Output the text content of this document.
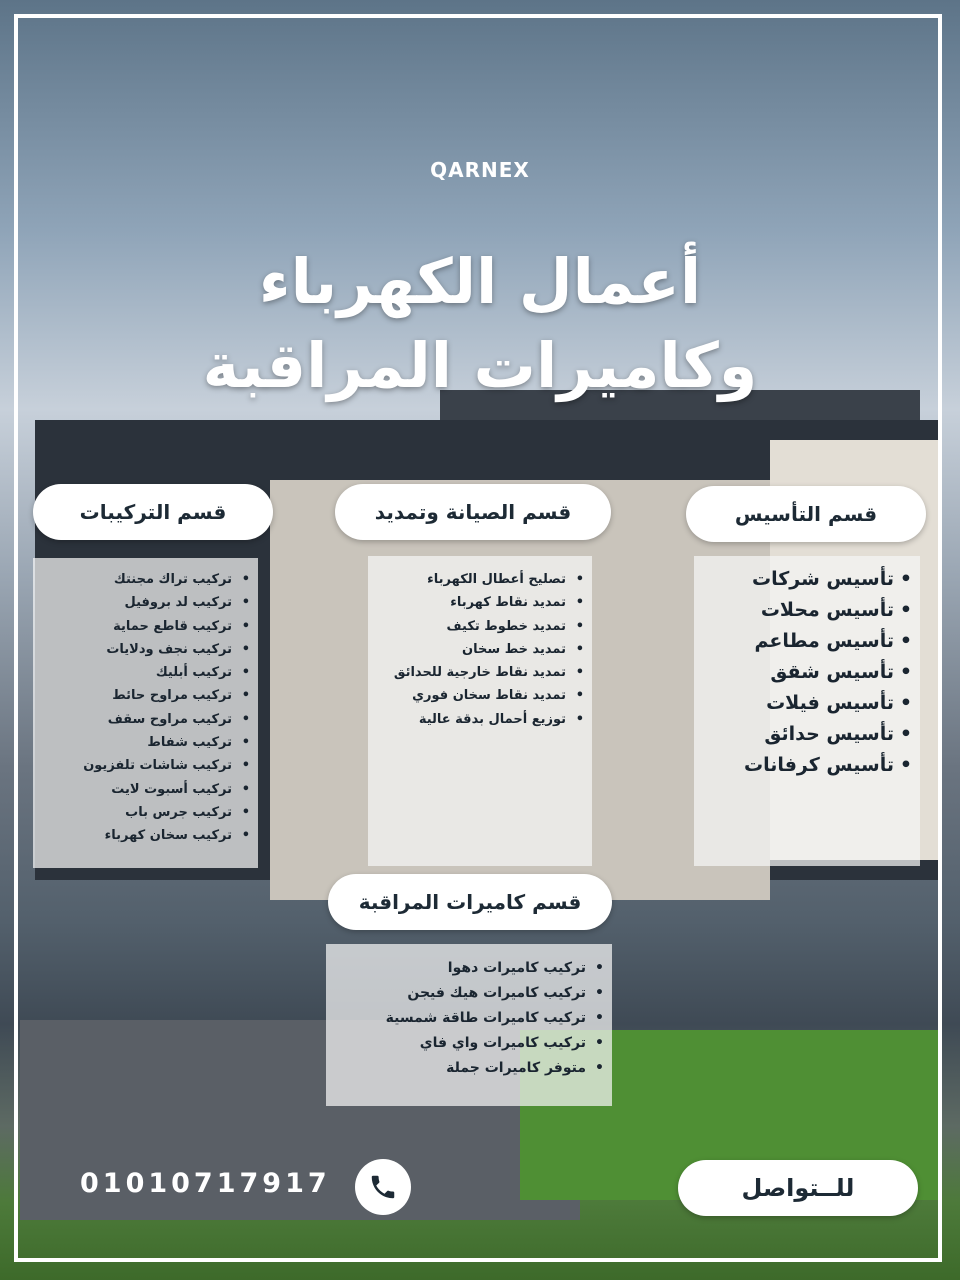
QARNEX
أعمال الكهرباء
وكاميرات المراقبة
قسم التركيبات	قسم الصيانة وتمديد	قسم التأسيس
قسم كاميرات المراقبة
• تركيب تراك مجنتك
• تركيب لد بروفيل
• تركيب قاطع حماية
• تركيب نجف ودلايات
• تركيب أبليك
• تركيب مراوح حائط
• تركيب مراوح سقف
• تركيب شفاط
• تركيب شاشات تلفزيون
• تركيب أسبوت لايت
• تركيب جرس باب
• تركيب سخان كهرباء
• تصليح أعطال الكهرباء
• تمديد نقاط كهرباء
• تمديد خطوط تكيف
• تمديد خط سخان
• تمديد نقاط خارجية للحدائق
• تمديد نقاط سخان فوري
• توزيع أحمال بدقة عالية
• تأسيس شركات
• تأسيس محلات
• تأسيس مطاعم
• تأسيس شقق
• تأسيس فيلات
• تأسيس حدائق
• تأسيس كرفانات
• تركيب كاميرات دهوا
• تركيب كاميرات هيك فيجن
• تركيب كاميرات طاقة شمسية
• تركيب كاميرات واي فاي
• متوفر كاميرات جملة
01010717917	للــتواصل
